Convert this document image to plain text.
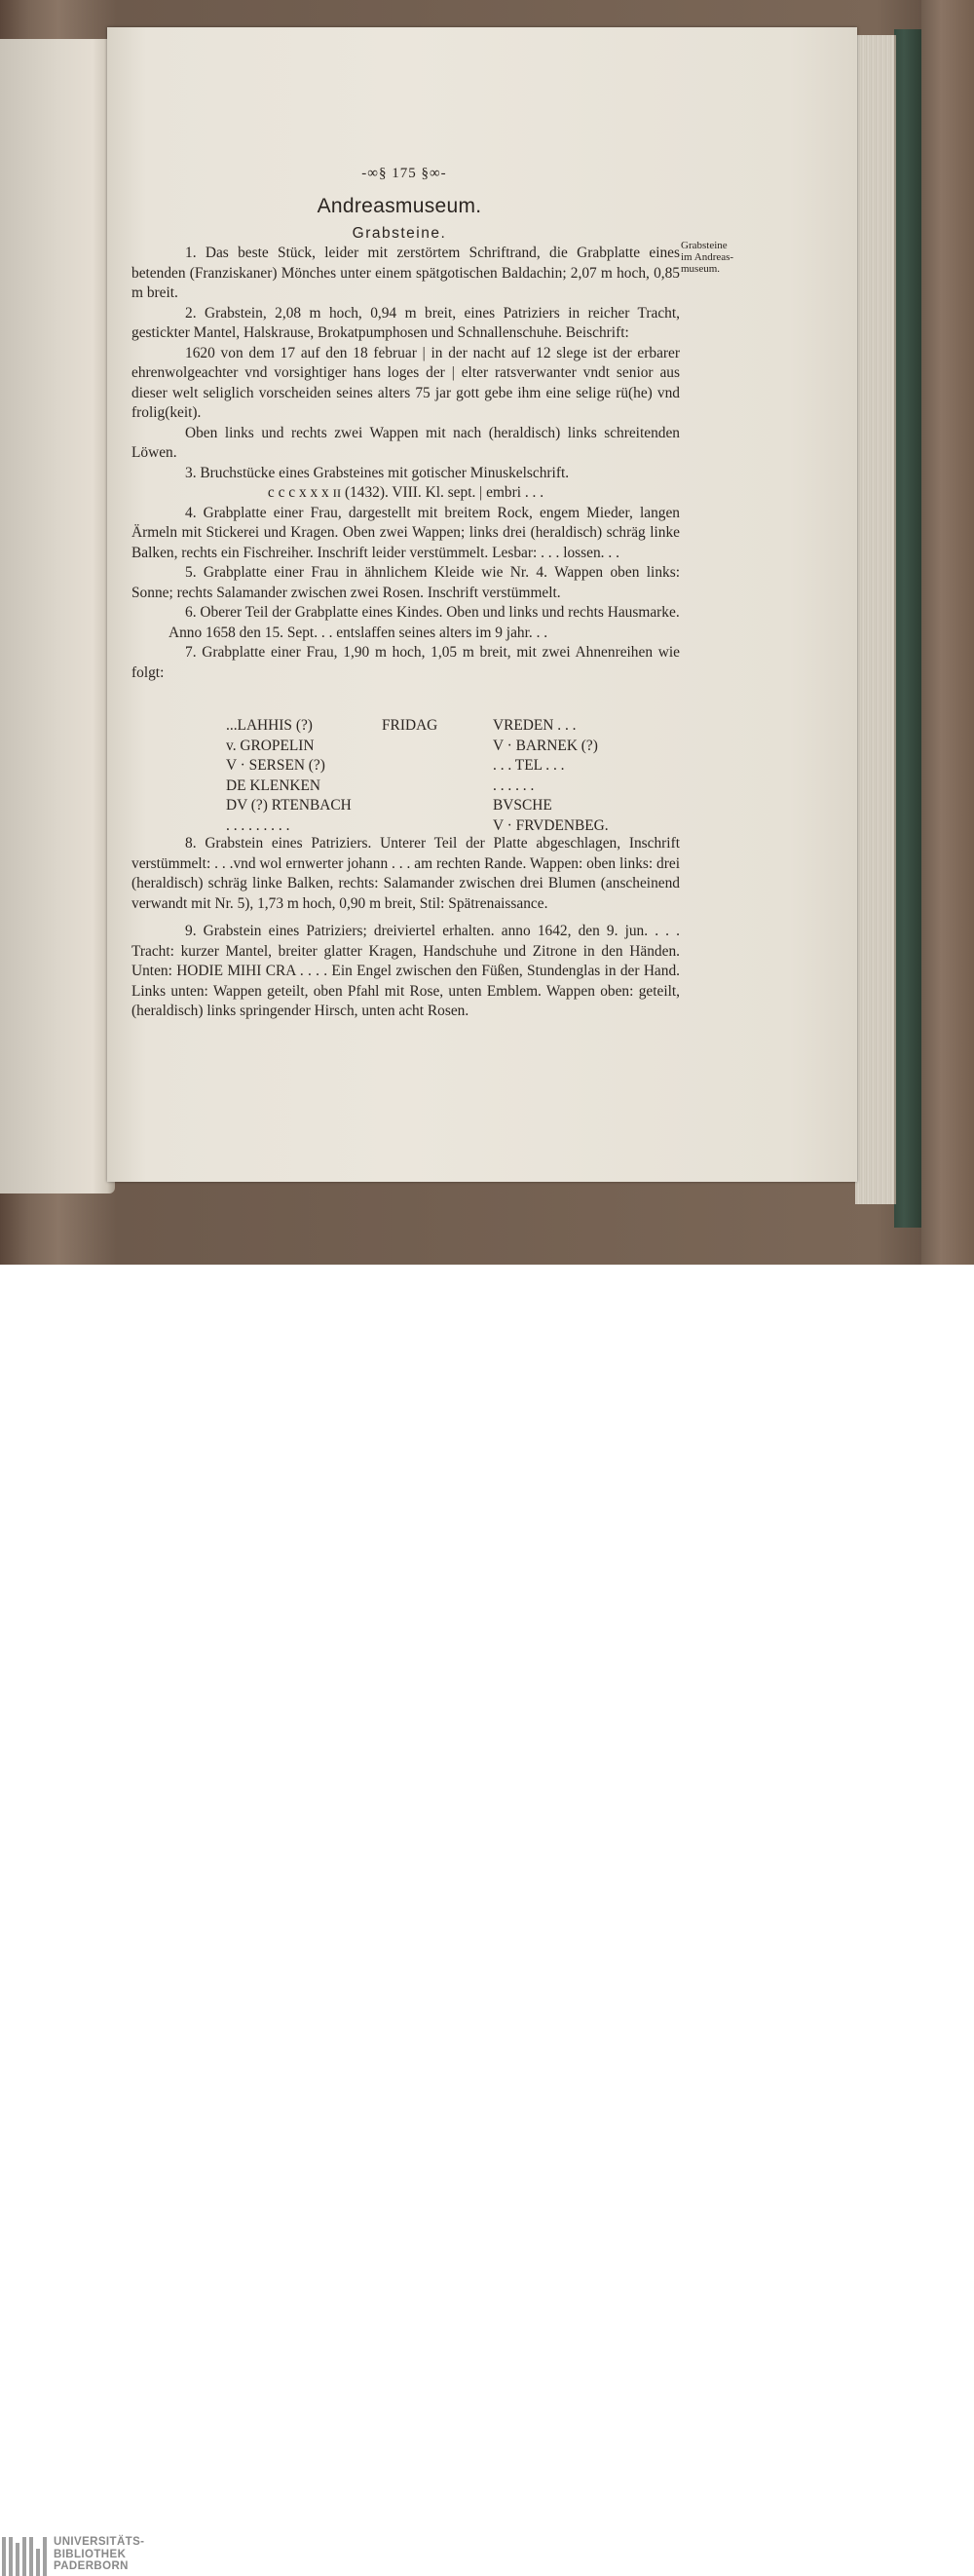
-∞§ 175 §∞-
Andreasmuseum.
Grabsteine.
Grabsteine
im Andreas-
museum.

1. Das beste Stück, leider mit zerstörtem Schriftrand, die Grabplatte eines betenden (Franziskaner) Mönches unter einem spätgotischen Baldachin; 2,07 m hoch, 0,85 m breit.

2. Grabstein, 2,08 m hoch, 0,94 m breit, eines Patriziers in reicher Tracht, gestickter Mantel, Halskrause, Brokatpumphosen und Schnallenschuhe. Beischrift:

1620 von dem 17 auf den 18 februar | in der nacht auf 12 slege ist der erbarer ehrenwolgeachter vnd vorsightiger hans loges der | elter ratsverwanter vndt senior aus dieser welt seliglich vorscheiden seines alters 75 jar gott gebe ihm eine selige rü(he) vnd frolig(keit).

Oben links und rechts zwei Wappen mit nach (heraldisch) links schreitenden Löwen.

3. Bruchstücke eines Grabsteines mit gotischer Minuskelschrift.

c c c x x x ɪɪ (1432). VIII. Kl. sept. | embri . . .

4. Grabplatte einer Frau, dargestellt mit breitem Rock, engem Mieder, langen Ärmeln mit Stickerei und Kragen. Oben zwei Wappen; links drei (heraldisch) schräg linke Balken, rechts ein Fischreiher. Inschrift leider verstümmelt. Lesbar: . . . lossen. . .

5. Grabplatte einer Frau in ähnlichem Kleide wie Nr. 4. Wappen oben links: Sonne; rechts Salamander zwischen zwei Rosen. Inschrift verstümmelt.

6. Oberer Teil der Grabplatte eines Kindes. Oben und links und rechts Hausmarke.

Anno 1658 den 15. Sept. . . entslaffen seines alters im 9 jahr. . .

7. Grabplatte einer Frau, 1,90 m hoch, 1,05 m breit, mit zwei Ahnenreihen wie folgt:

...LAHHIS (?)
v. GROPELIN
V · SERSEN (?)
DE KLENKEN
DV (?) RTENBACH
. . . . . . . . .
FRIDAG	VREDEN . . .
V · BARNEK (?)
. . . TEL . . .
. . . . . .
BVSCHE
V · FRVDENBEG.

8. Grabstein eines Patriziers. Unterer Teil der Platte abgeschlagen, Inschrift verstümmelt: . . .vnd wol ernwerter johann . . . am rechten Rande. Wappen: oben links: drei (heraldisch) schräg linke Balken, rechts: Salamander zwischen drei Blumen (anscheinend verwandt mit Nr. 5), 1,73 m hoch, 0,90 m breit, Stil: Spätrenaissance.

9. Grabstein eines Patriziers; dreiviertel erhalten. anno 1642, den 9. jun. . . . Tracht: kurzer Mantel, breiter glatter Kragen, Handschuhe und Zitrone in den Händen. Unten: HODIE MIHI CRA . . . . Ein Engel zwischen den Füßen, Stundenglas in der Hand. Links unten: Wappen geteilt, oben Pfahl mit Rose, unten Emblem. Wappen oben: geteilt, (heraldisch) links springender Hirsch, unten acht Rosen.

UNIVERSITÄTS-
BIBLIOTHEK
PADERBORN
